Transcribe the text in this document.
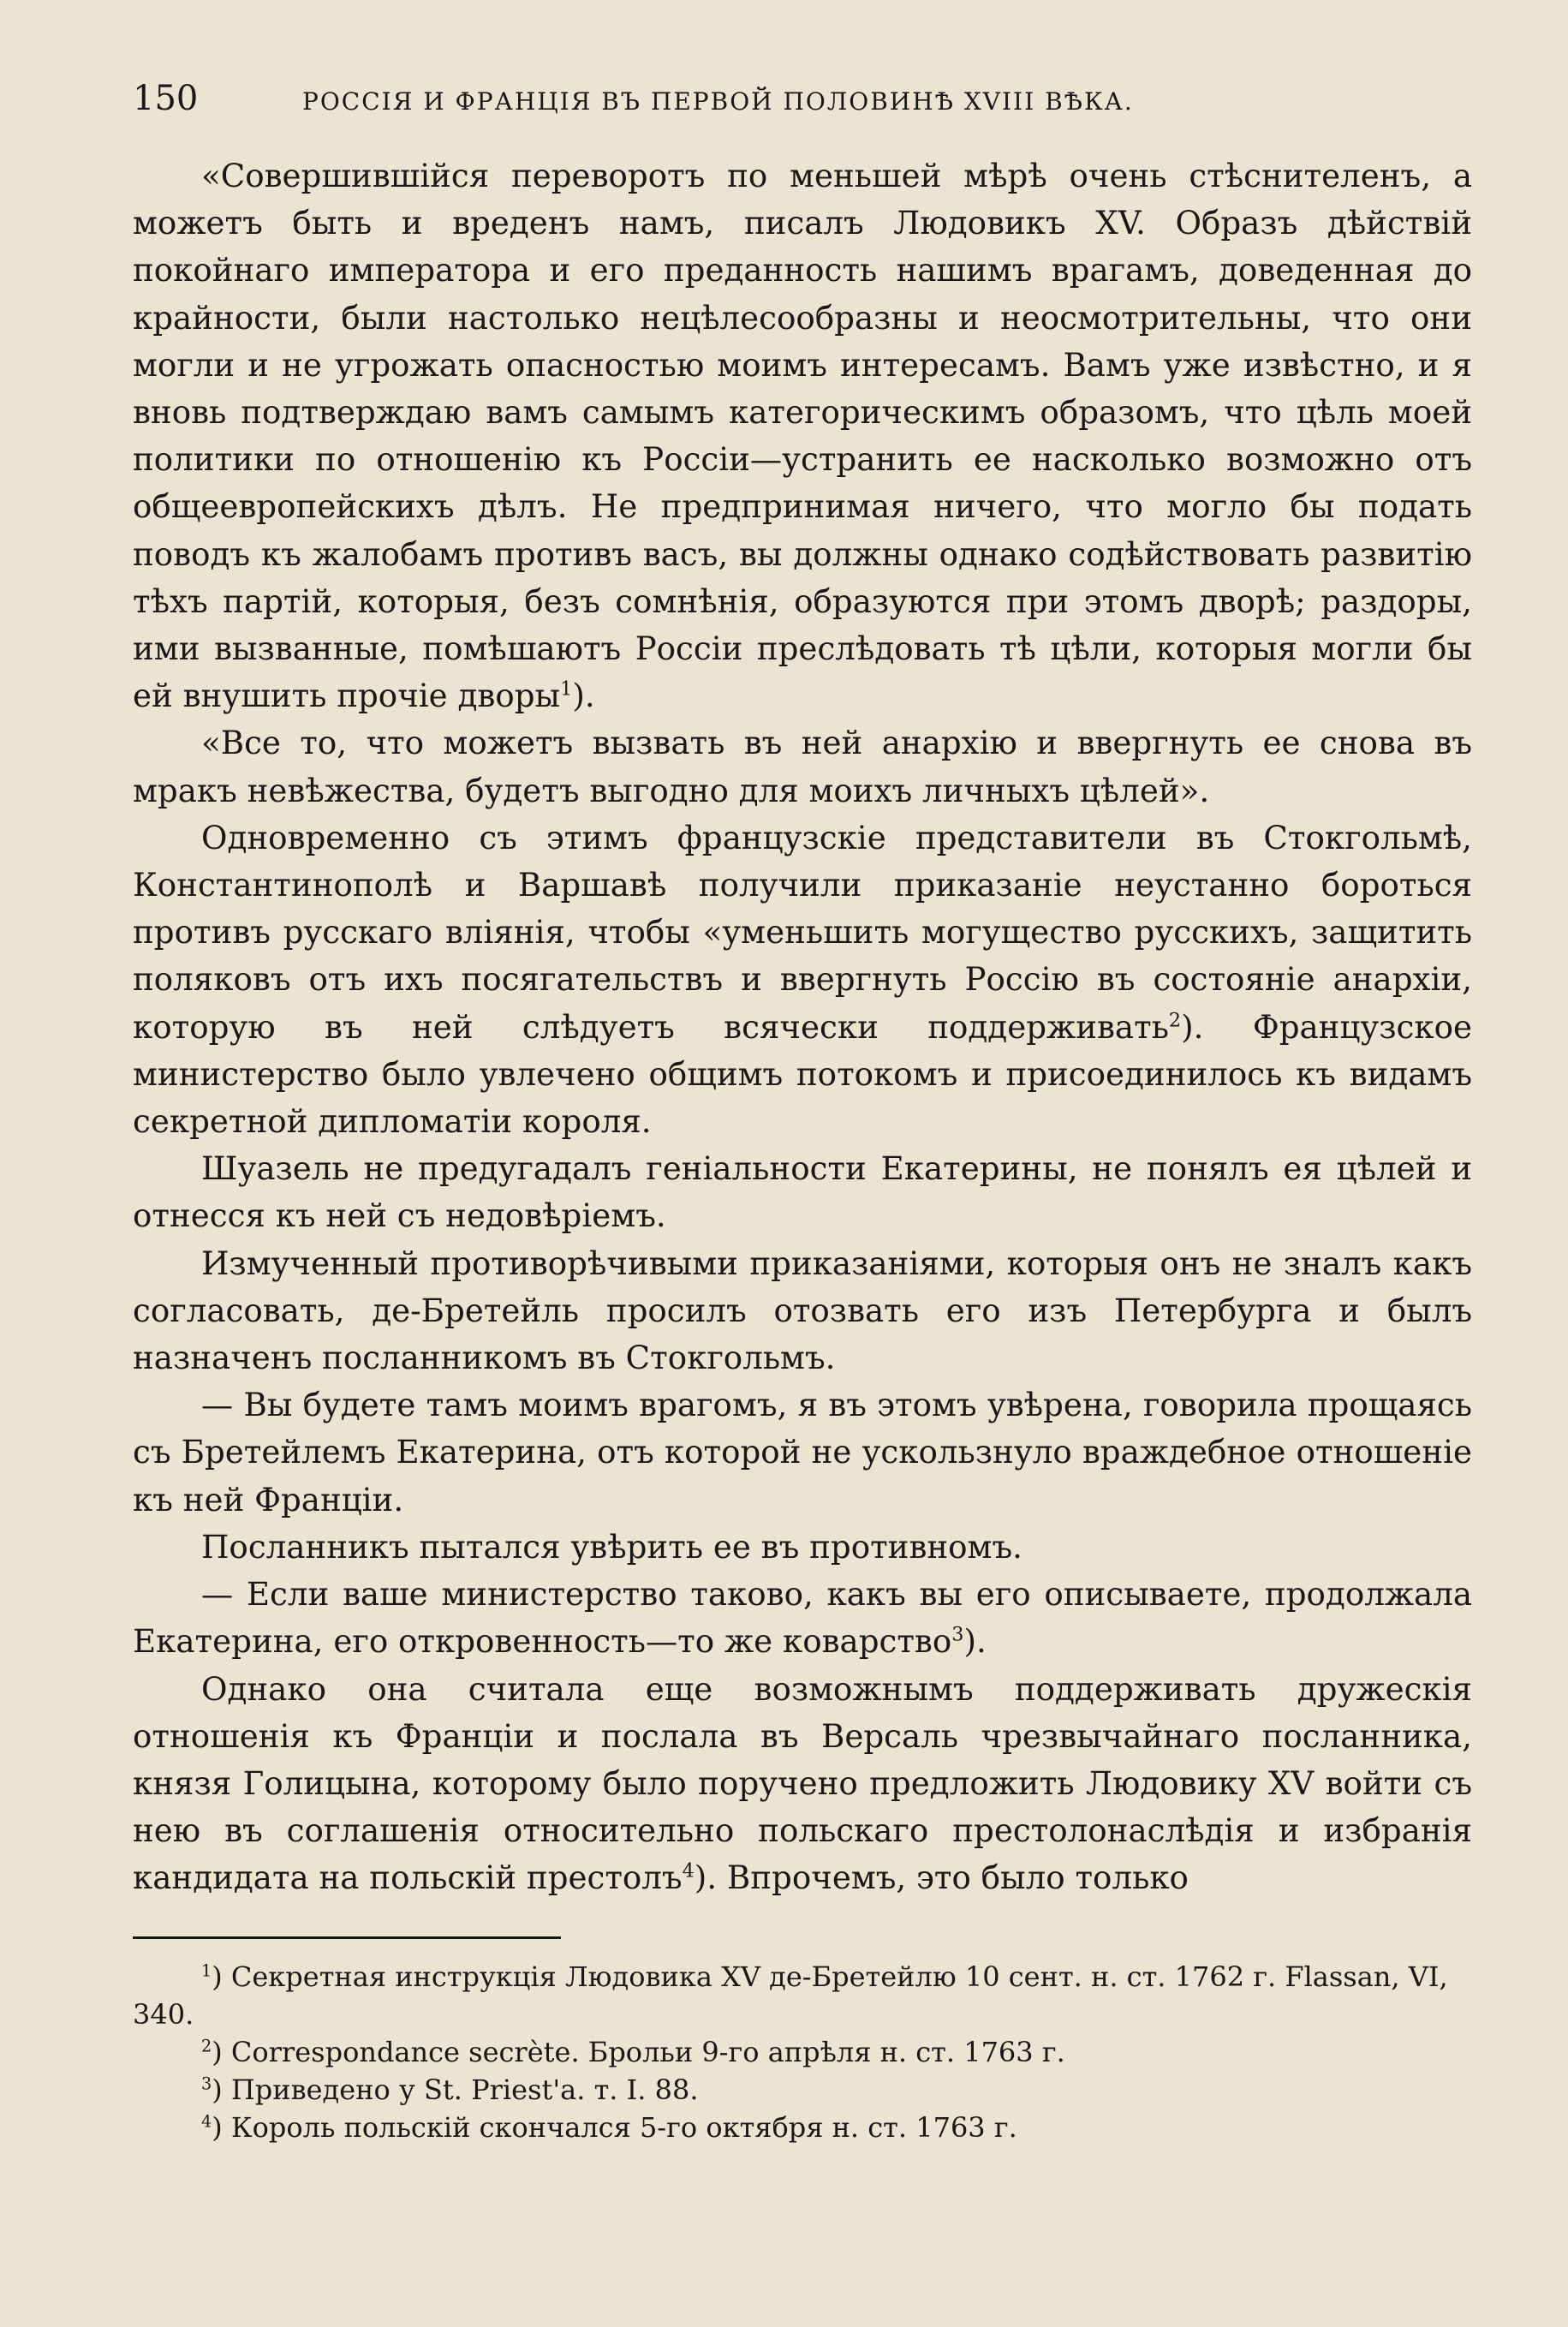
150	РОССІЯ И ФРАНЦІЯ ВЪ ПЕРВОЙ ПОЛОВИНѢ XVIII ВѢКА.

«Совершившійся переворотъ по меньшей мѣрѣ очень стѣснителенъ, а можетъ быть и вреденъ намъ, писалъ Людовикъ XV. Образъ дѣйствій покойнаго императора и его преданность нашимъ врагамъ, доведенная до крайности, были настолько нецѣлесообразны и неосмотрительны, что они могли и не угрожать опасностью моимъ интересамъ. Вамъ уже извѣстно, и я вновь подтверждаю вамъ самымъ категорическимъ образомъ, что цѣль моей политики по отношенію къ Россіи—устранить ее насколько возможно отъ общеевропейскихъ дѣлъ. Не предпринимая ничего, что могло бы подать поводъ къ жалобамъ противъ васъ, вы должны однако содѣйствовать развитію тѣхъ партій, которыя, безъ сомнѣнія, образуются при этомъ дворѣ; раздоры, ими вызванные, помѣшаютъ Россіи преслѣдовать тѣ цѣли, которыя могли бы ей внушить прочіе дворы$^1$).

«Все то, что можетъ вызвать въ ней анархію и ввергнуть ее снова въ мракъ невѣжества, будетъ выгодно для моихъ личныхъ цѣлей».

Одновременно съ этимъ французскіе представители въ Стокгольмѣ, Константинополѣ и Варшавѣ получили приказаніе неустанно бороться противъ русскаго вліянія, чтобы «уменьшить могущество русскихъ, защитить поляковъ отъ ихъ посягательствъ и ввергнуть Россію въ состояніе анархіи, которую въ ней слѣдуетъ всячески поддерживать$^2$). Французское министерство было увлечено общимъ потокомъ и присоединилось къ видамъ секретной дипломатіи короля.

Шуазель не предугадалъ геніальности Екатерины, не понялъ ея цѣлей и отнесся къ ней съ недовѣріемъ.

Измученный противорѣчивыми приказаніями, которыя онъ не зналъ какъ согласовать, де-Бретейль просилъ отозвать его изъ Петербурга и былъ назначенъ посланникомъ въ Стокгольмъ.

— Вы будете тамъ моимъ врагомъ, я въ этомъ увѣрена, говорила прощаясь съ Бретейлемъ Екатерина, отъ которой не ускользнуло враждебное отношеніе къ ней Франціи.

Посланникъ пытался увѣрить ее въ противномъ.

— Если ваше министерство таково, какъ вы его описываете, продолжала Екатерина, его откровенность—то же коварство$^3$).

Однако она считала еще возможнымъ поддерживать дружескія отношенія къ Франціи и послала въ Версаль чрезвычайнаго посланника, князя Голицына, которому было поручено предложить Людовику XV войти съ нею въ соглашенія относительно польскаго престолонаслѣдія и избранія кандидата на польскій престолъ$^4$). Впрочемъ, это было только

$^1$) Секретная инструкція Людовика XV де-Бретейлю 10 сент. н. ст. 1762 г. Flassan, VI, 340.

$^2$) Correspondance secrète. Брольи 9-го апрѣля н. ст. 1763 г.

$^3$) Приведено у St. Priest'a. т. I. 88.

$^4$) Король польскій скончался 5-го октября н. ст. 1763 г.
